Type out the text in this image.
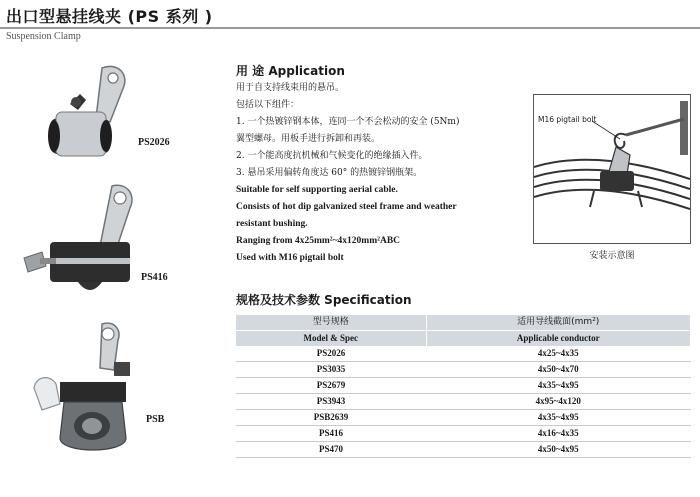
出口型悬挂线夹 (PS 系列 )
Suspension Clamp
PS2026
PS416
PSB
用 途 Application
用于自支持线束用的悬吊。
包括以下组件：
1. 一个热镀锌钢本体，连同一个不会松动的安全 (5Nm)
翼型螺母。用板手进行拆卸和再装。
2. 一个能高度抗机械和气候变化的绝缘插入件。
3. 悬吊采用偏转角度达 60° 的热镀锌钢瓶架。
Suitable for self supporting aerial cable.
Consists of hot dip galvanized steel frame and weather
resistant bushing.
Ranging from 4x25mm²~4x120mm²ABC
Used with M16 pigtail bolt
M16 pigtail bolt
安装示意图
规格及技术参数 Specification
型号规格	适用导线截面(mm²)
Model & Spec	Applicable conductor
PS2026	4x25~4x35
PS3035	4x50~4x70
PS2679	4x35~4x95
PS3943	4x95~4x120
PSB2639	4x35~4x95
PS416	4x16~4x35
PS470	4x50~4x95
